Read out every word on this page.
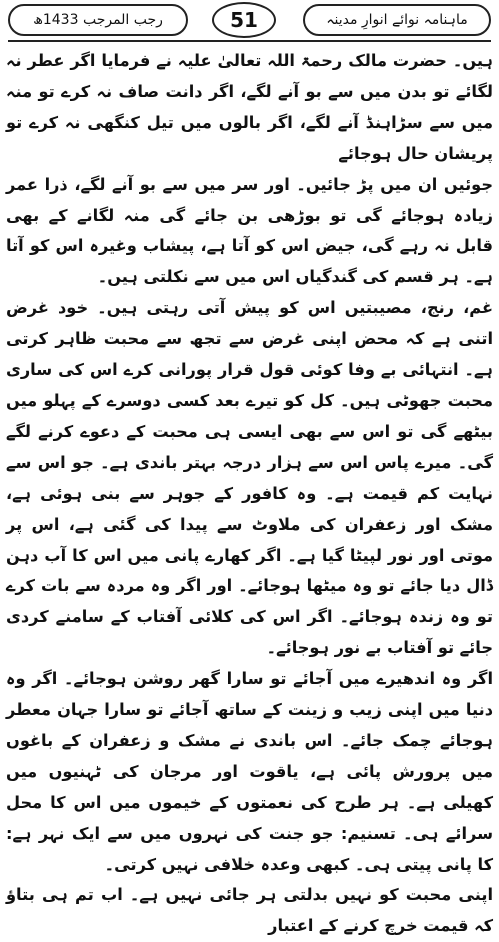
رجب المرجب 1433ھ	51	ماہنامہ نوائے انوارِ مدینہ

ہیں۔ حضرت مالک رحمۃ اللہ تعالیٰ علیہ نے فرمایا اگر عطر نہ لگائے تو بدن میں سے بو آنے لگے، اگر دانت صاف نہ کرے تو منہ میں سے سڑاہنڈ آنے لگے، اگر بالوں میں تیل کنگھی نہ کرے تو پریشان حال ہوجائے

جوئیں ان میں پڑ جائیں۔ اور سر میں سے بو آنے لگے، ذرا عمر زیادہ ہوجائے گی تو بوڑھی بن جائے گی منہ لگانے کے بھی قابل نہ رہے گی، جیض اس کو آتا ہے، پیشاب وغیرہ اس کو آتا ہے۔ ہر قسم کی گندگیاں اس میں سے نکلتی ہیں۔

غم، رنج، مصیبتیں اس کو پیش آتی رہتی ہیں۔ خود غرض اتنی ہے کہ محض اپنی غرض سے تجھ سے محبت ظاہر کرتی ہے۔ انتہائی بے وفا کوئی قول قرار پورانی کرے اس کی ساری محبت جھوٹی ہیں۔ کل کو تیرے بعد کسی دوسرے کے پہلو میں بیٹھے گی تو اس سے بھی ایسی ہی محبت کے دعوے کرنے لگے گی۔ میرے پاس اس سے ہزار درجہ بہتر باندی ہے۔ جو اس سے نہایت کم قیمت ہے۔ وہ کافور کے جوہر سے بنی ہوئی ہے، مشک اور زعفران کی ملاوٹ سے پیدا کی گئی ہے، اس پر موتی اور نور لپیٹا گیا ہے۔ اگر کھارے پانی میں اس کا آب دہن ڈال دیا جائے تو وہ میٹھا ہوجائے۔ اور اگر وہ مردہ سے بات کرے تو وہ زندہ ہوجائے۔ اگر اس کی کلائی آفتاب کے سامنے کردی جائے تو آفتاب بے نور ہوجائے۔

اگر وہ اندھیرے میں آجائے تو سارا گھر روشن ہوجائے۔ اگر وہ دنیا میں اپنی زیب و زینت کے ساتھ آجائے تو سارا جہان معطر ہوجائے چمک جائے۔ اس باندی نے مشک و زعفران کے باغوں میں پرورش پائی ہے، یاقوت اور مرجان کی ٹہنیوں میں کھیلی ہے۔ ہر طرح کی نعمتوں کے خیموں میں اس کا محل سرائے ہی۔ تسنیم: جو جنت کی نہروں میں سے ایک نہر ہے: کا پانی پیتی ہی۔ کبھی وعدہ خلافی نہیں کرتی۔

اپنی محبت کو نہیں بدلتی ہر جائی نہیں ہے۔ اب تم ہی بتاؤ کہ قیمت خرچ کرنے کے اعتبار
